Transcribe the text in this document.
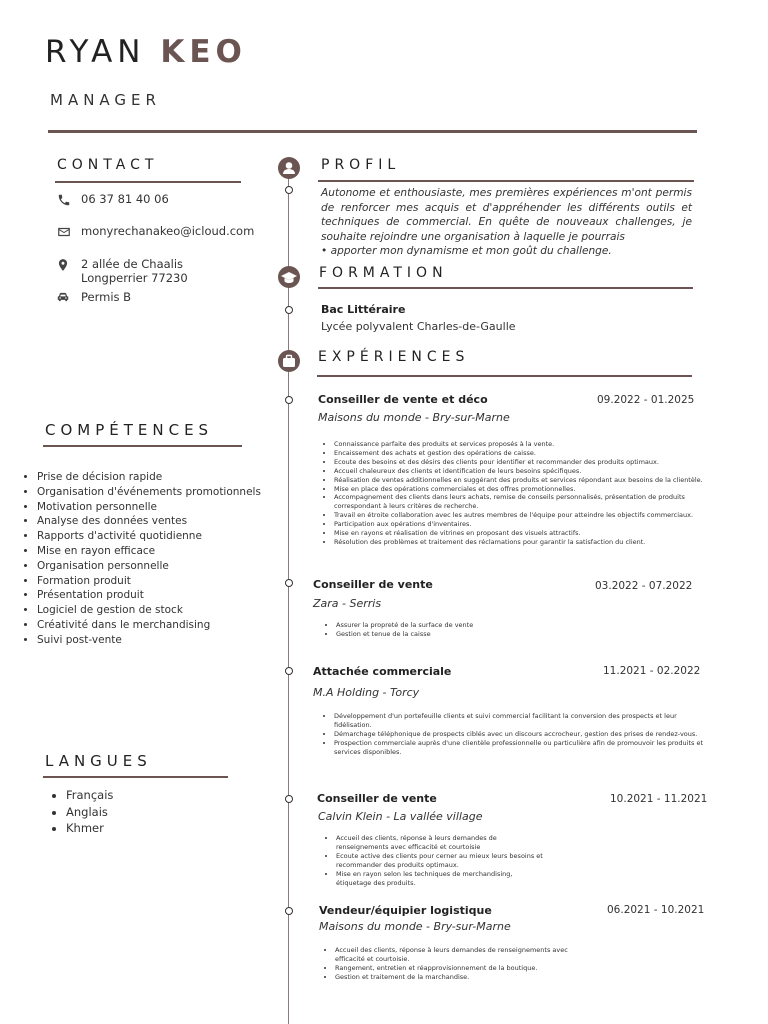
RYAN KEO
MANAGER
CONTACT
06 37 81 40 06
monyrechanakeo@icloud.com
2 allée de Chaalis
Longperrier 77230
Permis B
COMPÉTENCES
• Prise de décision rapide
• Organisation d'événements promotionnels
• Motivation personnelle
• Analyse des données ventes
• Rapports d'activité quotidienne
• Mise en rayon efficace
• Organisation personnelle
• Formation produit
• Présentation produit
• Logiciel de gestion de stock
• Créativité dans le merchandising
• Suivi post-vente
LANGUES
• Français
• Anglais
• Khmer
PROFIL

Autonome et enthousiaste, mes premières expériences m'ont permis de renforcer mes acquis et d'appréhender les différents outils et techniques de commercial. En quête de nouveaux challenges, je souhaite rejoindre une organisation à laquelle je pourrais

• apporter mon dynamisme et mon goût du challenge.

FORMATION
Bac Littéraire
Lycée polyvalent Charles-de-Gaulle
EXPÉRIENCES
Conseiller de vente et déco	09.2022 - 01.2025
Maisons du monde - Bry-sur-Marne
• Connaissance parfaite des produits et services proposés à la vente.
• Encaissement des achats et gestion des opérations de caisse.
• Ecoute des besoins et des désirs des clients pour identifier et recommander des produits optimaux.
• Accueil chaleureux des clients et identification de leurs besoins spécifiques.
• Réalisation de ventes additionnelles en suggérant des produits et services répondant aux besoins de la clientèle.
• Mise en place des opérations commerciales et des offres promotionnelles.
• Accompagnement des clients dans leurs achats, remise de conseils personnalisés, présentation de produits correspondant à leurs critères de recherche.
• Travail en étroite collaboration avec les autres membres de l'équipe pour atteindre les objectifs commerciaux.
• Participation aux opérations d'inventaires.
• Mise en rayons et réalisation de vitrines en proposant des visuels attractifs.
• Résolution des problèmes et traitement des réclamations pour garantir la satisfaction du client.
Conseiller de vente	03.2022 - 07.2022
Zara - Serris
• Assurer la propreté de la surface de vente
• Gestion et tenue de la caisse
Attachée commerciale	11.2021 - 02.2022
M.A Holding - Torcy
• Développement d'un portefeuille clients et suivi commercial facilitant la conversion des prospects et leur fidélisation.
• Démarchage téléphonique de prospects ciblés avec un discours accrocheur, gestion des prises de rendez-vous.
• Prospection commerciale auprès d'une clientèle professionnelle ou particulière afin de promouvoir les produits et services disponibles.
Conseiller de vente	10.2021 - 11.2021
Calvin Klein - La vallée village
• Accueil des clients, réponse à leurs demandes de renseignements avec efficacité et courtoisie
• Ecoute active des clients pour cerner au mieux leurs besoins et recommander des produits optimaux.
• Mise en rayon selon les techniques de merchandising, étiquetage des produits.
Vendeur/équipier logistique	06.2021 - 10.2021
Maisons du monde - Bry-sur-Marne
• Accueil des clients, réponse à leurs demandes de renseignements avec efficacité et courtoisie.
• Rangement, entretien et réapprovisionnement de la boutique.
• Gestion et traitement de la marchandise.
